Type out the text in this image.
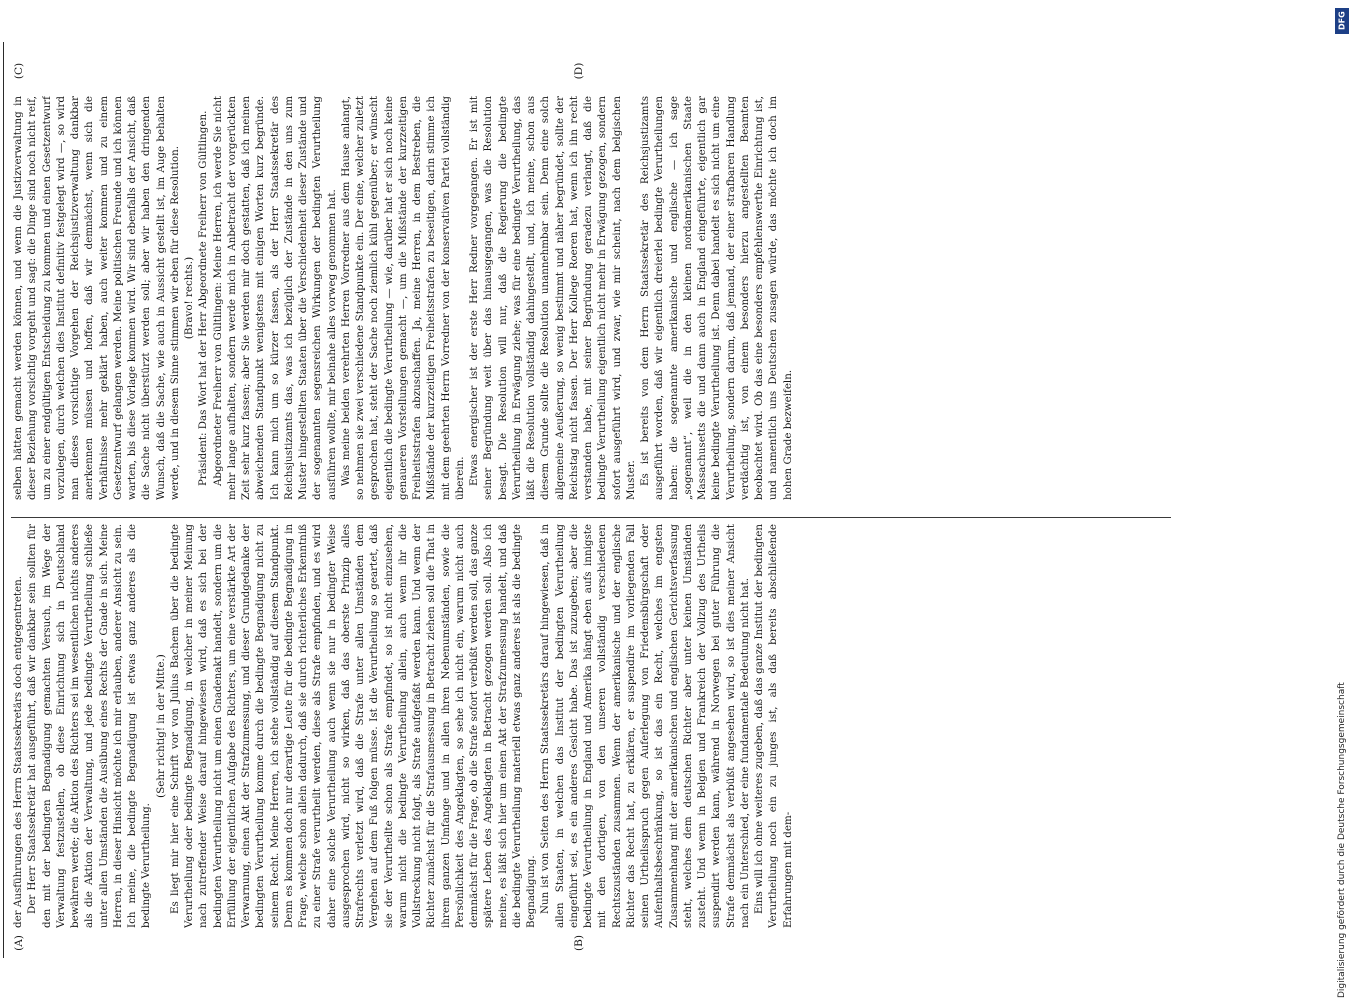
(A)	(B)
(C)	(D)

der Ausführungen des Herrn Staatssekretärs doch entgegentreten. Der Herr Staatssekretär hat ausgeführt, daß wir dankbar sein sollten für den mit der bedingten Begnadigung gemachten Versuch, im Wege der Verwaltung festzustellen, ob diese Einrichtung sich in Deutschland bewähren werde; die Aktion des Richters sei im wesentlichen nichts anderes als die Aktion der Verwaltung, und jede bedingte Verurtheilung schließe unter allen Umständen die Ausübung eines Rechts der Gnade in sich. Meine Herren, in dieser Hinsicht möchte ich mir erlauben, anderer Ansicht zu sein. Ich meine, die bedingte Begnadigung ist etwas ganz anderes als die bedingte Verurtheilung.

(Sehr richtig! in der Mitte.) Es liegt mir hier eine Schrift vor von Julius Bachem über die bedingte Verurtheilung oder bedingte Begnadigung, in welcher in meiner Meinung nach zutreffender Weise darauf hingewiesen wird, daß es sich bei der bedingten Verurtheilung nicht um einen Gnadenakt handelt, sondern um die Erfüllung der eigentlichen Aufgabe des Richters, um eine verstärkte Art der Verwarnung, einen Akt der Strafzumessung, und dieser Grundgedanke der bedingten Verurtheilung komme durch die bedingte Begnadigung nicht zu seinem Recht. Meine Herren, ich stehe vollständig auf diesem Standpunkt. Denn es kommen doch nur derartige Leute für die bedingte Begnadigung in Frage, welche schon allein dadurch, daß sie durch richterliches Erkenntniß zu einer Strafe verurtheilt werden, diese als Strafe empfinden, und es wird daher eine solche Verurtheilung auch wenn sie nur in bedingter Weise ausgesprochen wird, nicht so wirken, daß das oberste Prinzip alles Strafrechts verletzt wird, daß die Strafe unter allen Umständen dem Vergehen auf dem Fuß folgen müsse. Ist die Verurtheilung so geartet, daß sie der Verurtheilte schon als Strafe empfindet, so ist nicht einzusehen, warum nicht die bedingte Verurtheilung allein, auch wenn ihr die Vollstreckung nicht folgt, als Strafe aufgefaßt werden kann. Und wenn der Richter zunächst für die Strafausmessung in Betracht ziehen soll die That in ihrem ganzen Umfange und in allen ihren Nebenumständen, sowie die Persönlichkeit des Angeklagten, so sehe ich nicht ein, warum nicht auch demnächst für die Frage, ob die Strafe sofort verbüßt werden soll, das ganze spätere Leben des Angeklagten in Betracht gezogen werden soll. Also ich meine, es läßt sich hier um einen Akt der Strafzumessung handelt, und daß die bedingte Verurtheilung materiell etwas ganz anderes ist als die bedingte Begnadigung. Nun ist von Seiten des Herrn Staatssekretärs darauf hingewiesen, daß in allen Staaten, in welchen das Institut der bedingten Verurtheilung eingeführt sei, es ein anderes Gesicht habe. Das ist zuzugeben; aber die bedingte Verurtheilung in England und Amerika hängt eben aufs innigste mit den dortigen, von den unseren vollständig verschiedenen Rechtszuständen zusammen. Wenn der amerikanische und der englische Richter das Recht hat, zu erklären, er suspendire im vorliegenden Fall seinen Urtheilsspruch gegen Auferlegung von Friedensbürgschaft oder Aufenthaltsbeschränkung, so ist das ein Recht, welches im engsten Zusammenhang mit der amerikanischen und englischen Gerichtsverfassung steht, welches dem deutschen Richter aber unter keinen Umständen zusteht. Und wenn in Belgien und Frankreich der Vollzug des Urtheils suspendirt werden kann, während in Norwegen bei guter Führung die Strafe demnächst als verbüßt angesehen wird, so ist dies meiner Ansicht nach ein Unterschied, der eine fundamentale Bedeutung nicht hat. Eins will ich ohne weiteres zugeben, daß das ganze Institut der bedingten Verurtheilung noch ein zu junges ist, als daß bereits abschließende Erfahrungen mit dem-

selben hätten gemacht werden können, und wenn die Justizverwaltung in dieser Beziehung vorsichtig vorgeht und sagt: die Dinge sind noch nicht reif, um zu einer endgültigen Entscheidung zu kommen und einen Gesetzentwurf vorzulegen, durch welchen dies Institut definitiv festgelegt wird —, so wird man dieses vorsichtige Vorgehen der Reichsjustizverwaltung dankbar anerkennen müssen und hoffen, daß wir demnächst, wenn sich die Verhältnisse mehr geklärt haben, auch weiter kommen und zu einem Gesetzentwurf gelangen werden. Meine politischen Freunde und ich können warten, bis diese Vorlage kommen wird. Wir sind ebenfalls der Ansicht, daß die Sache nicht überstürzt werden soll; aber wir haben den dringenden Wunsch, daß die Sache, wie auch in Aussicht gestellt ist, im Auge behalten werde, und in diesem Sinne stimmen wir eben für diese Resolution. (Bravo! rechts.) Präsident: Das Wort hat der Herr Abgeordnete Freiherr von Gültlingen. Abgeordneter Freiherr von Gültlingen: Meine Herren, ich werde Sie nicht mehr lange aufhalten, sondern werde mich in Anbetracht der vorgerückten Zeit sehr kurz fassen; aber Sie werden mir doch gestatten, daß ich meinen abweichenden Standpunkt wenigstens mit einigen Worten kurz begründe. Ich kann mich um so kürzer fassen, als der Herr Staatssekretär des Reichsjustizamts das, was ich bezüglich der Zustände in den uns zum Muster hingestellten Staaten über die Verschiedenheit dieser Zustände und der sogenannten segensreichen Wirkungen der bedingten Verurtheilung ausführen wollte, mir beinahe alles vorweg genommen hat. Was meine beiden verehrten Herren Vorredner aus dem Hause anlangt, so nehmen sie zwei verschiedene Standpunkte ein. Der eine, welcher zuletzt gesprochen hat, steht der Sache noch ziemlich kühl gegenüber; er wünscht eigentlich die bedingte Verurtheilung — wie, darüber hat er sich noch keine genaueren Vorstellungen gemacht —, um die Mißstände der kurzzeitigen Freiheitsstrafen abzuschaffen. Ja, meine Herren, in dem Bestreben, die Mißstände der kurzzeitigen Freiheitsstrafen zu beseitigen, darin stimme ich mit dem geehrten Herrn Vorredner von der konservativen Partei vollständig überein. Etwas energischer ist der erste Herr Redner vorgegangen. Er ist mit seiner Begründung weit über das hinausgegangen, was die Resolution besagt. Die Resolution will nur, daß die Regierung die bedingte Verurtheilung in Erwägung ziehe; was für eine bedingte Verurtheilung, das läßt die Resolution vollständig dahingestellt, und, ich meine, schon aus diesem Grunde sollte die Resolution unannehmbar sein. Denn eine solch allgemeine Aeußerung, so wenig bestimmt und näher begründet, sollte der Reichstag nicht fassen. Der Herr Kollege Roeren hat, wenn ich ihn recht verstanden habe, mit seiner Begründung geradezu verlangt, daß die bedingte Verurtheilung eigentlich nicht mehr in Erwägung gezogen, sondern sofort ausgeführt wird, und zwar, wie mir scheint, nach dem belgischen Muster. Es ist bereits von dem Herrn Staatssekretär des Reichsjustizamts ausgeführt worden, daß wir eigentlich dreierlei bedingte Verurtheilungen haben: die sogenannte amerikanische und englische — ich sage „sogenannt“, weil die in den kleinen nordamerikanischen Staate Massachusetts die und dann auch in England eingeführte, eigentlich gar keine bedingte Verurtheilung ist. Denn dabei handelt es sich nicht um eine Verurtheilung, sondern darum, daß jemand, der einer strafbaren Handlung verdächtig ist, von einem besonders hierzu angestellten Beamten beobachtet wird. Ob das eine besonders empfehlenswerthe Einrichtung ist, und namentlich uns Deutschen zusagen würde, das möchte ich doch im hohen Grade bezweifeln.

DFG
Digitalisierung gefördert durch die Deutsche Forschungsgemeinschaft
